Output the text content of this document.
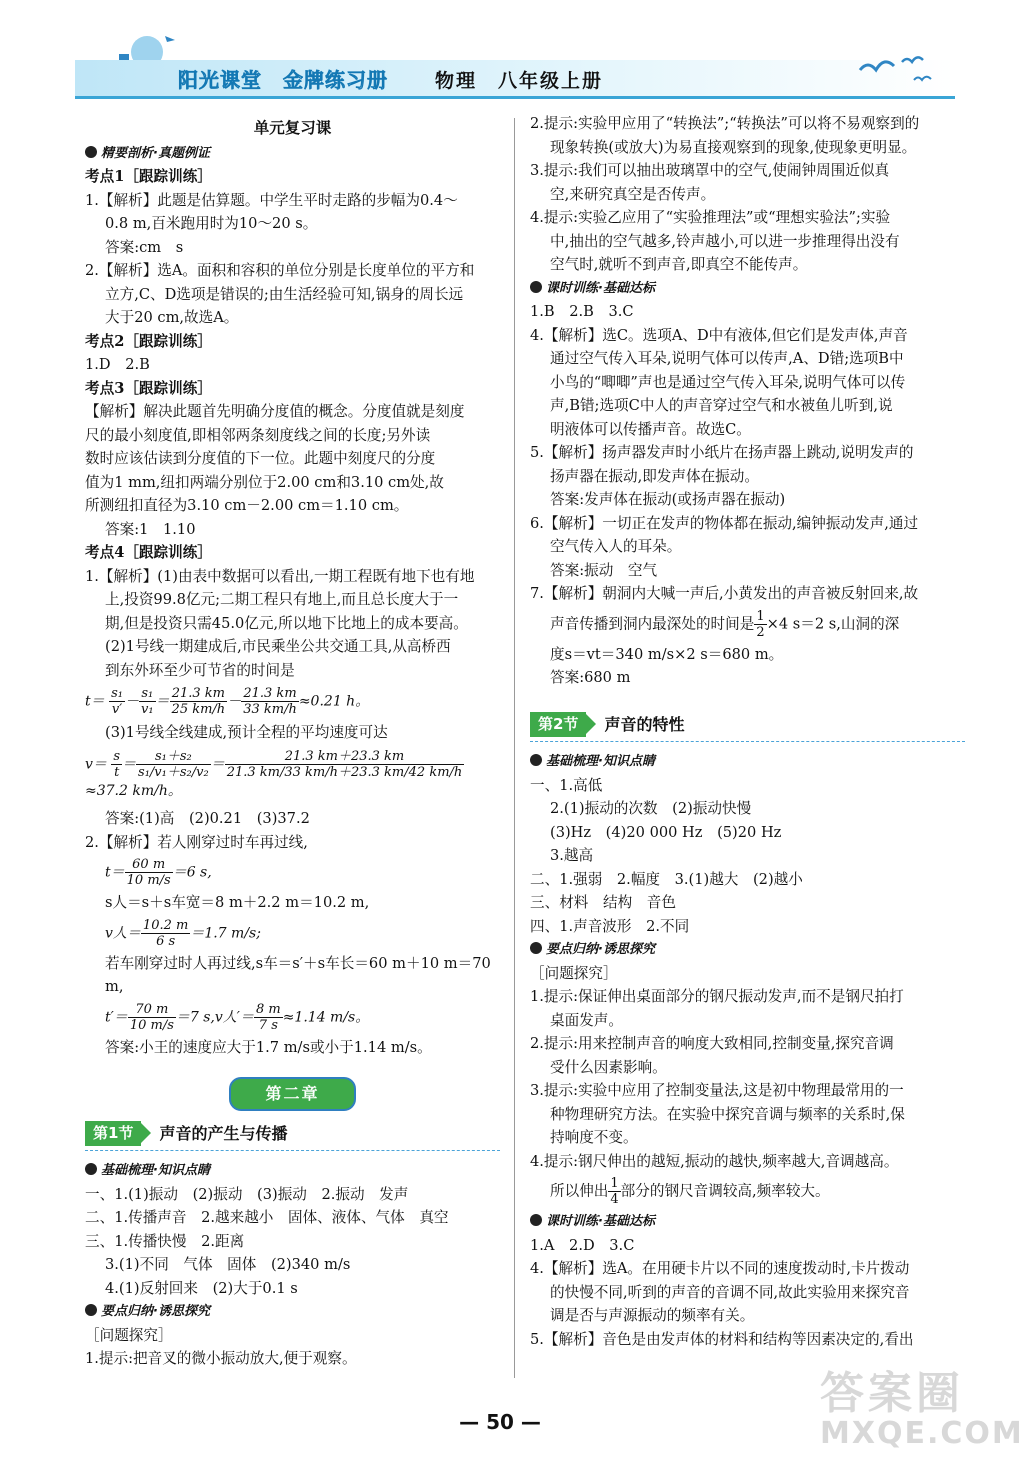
阳光课堂　金牌练习册 物理　八年级上册

单元复习课

精要剖析·真题例证

考点1［跟踪训练］

1.【解析】此题是估算题。中学生平时走路的步幅为0.4～

0.8 m,百米跑用时为10～20 s。

答案:cm　s

2.【解析】选A。面积和容积的单位分别是长度单位的平方和

立方,C、D选项是错误的;由生活经验可知,锅身的周长远

大于20 cm,故选A。

考点2［跟踪训练］

1.D　2.B

考点3［跟踪训练］

【解析】解决此题首先明确分度值的概念。分度值就是刻度

尺的最小刻度值,即相邻两条刻度线之间的长度;另外读

数时应该估读到分度值的下一位。此题中刻度尺的分度

值为1 mm,纽扣两端分别位于2.00 cm和3.10 cm处,故

所测纽扣直径为3.10 cm－2.00 cm＝1.10 cm。

答案:1　1.10

考点4［跟踪训练］

1.【解析】(1)由表中数据可以看出,一期工程既有地下也有地

上,投资99.8亿元;二期工程只有地上,而且总长度大于一

期,但是投资只需45.0亿元,所以地下比地上的成本要高。

(2)1号线一期建成后,市民乘坐公共交通工具,从高桥西

到东外环至少可节省的时间是

$t= \frac{\text{s₁}}{v'} - \frac{\text{s₁}}{\text{v₁}} = \frac{21.3 km}{25 km/h} - \frac{21.3 km}{33 km/h} \approx 0.21$ h。

(3)1号线全线建成,预计全程的平均速度可达

$v= \frac{s}{t} = \frac{\text{s₁＋s₂}}{\text{s₁/v₁＋s₂/v₂}} = \frac{21.3 km+23.3 km}{21.3 km/33 km/h+23.3 km/42 km/h}$
≈37.2 km/h。

答案:(1)高　(2)0.21　(3)37.2

2.【解析】若人刚穿过时车再过线,

$t= \frac{60 m}{10 m/s} =6$ s,

s人＝s＋s车宽＝8 m＋2.2 m＝10.2 m,

v人＝ $\frac{10.2 m}{6 s} =1.7$ m/s;

若车刚穿过时人再过线,s车＝s′＋s车长＝60 m＋10 m＝70 m,

$t'= \frac{70 m}{10 m/s} =7$ s,v人′＝ $\frac{8 m}{7 s} \approx 1.14$ m/s。

答案:小王的速度应大于1.7 m/s或小于1.14 m/s。

第二章
第1节	声音的产生与传播

基础梳理·知识点睛

一、1.(1)振动　(2)振动　(3)振动　2.振动　发声

二、1.传播声音　2.越来越小　固体、液体、气体　真空

三、1.传播快慢　2.距离

3.(1)不同　气体　固体　(2)340 m/s

4.(1)反射回来　(2)大于0.1 s

要点归纳·诱思探究

［问题探究］

1.提示:把音叉的微小振动放大,便于观察。

2.提示:实验甲应用了“转换法”;“转换法”可以将不易观察到的

现象转换(或放大)为易直接观察到的现象,使现象更明显。

3.提示:我们可以抽出玻璃罩中的空气,使闹钟周围近似真

空,来研究真空是否传声。

4.提示:实验乙应用了“实验推理法”或“理想实验法”;实验

中,抽出的空气越多,铃声越小,可以进一步推理得出没有

空气时,就听不到声音,即真空不能传声。

课时训练·基础达标

1.B　2.B　3.C

4.【解析】选C。选项A、D中有液体,但它们是发声体,声音

通过空气传入耳朵,说明气体可以传声,A、D错;选项B中

小鸟的“唧唧”声也是通过空气传入耳朵,说明气体可以传

声,B错;选项C中人的声音穿过空气和水被鱼儿听到,说

明液体可以传播声音。故选C。

5.【解析】扬声器发声时小纸片在扬声器上跳动,说明发声的

扬声器在振动,即发声体在振动。

答案:发声体在振动(或扬声器在振动)

6.【解析】一切正在发声的物体都在振动,编钟振动发声,通过

空气传入人的耳朵。

答案:振动　空气

7.【解析】朝洞内大喊一声后,小黄发出的声音被反射回来,故

声音传播到洞内最深处的时间是 $\frac{1}{2} \times 4$ s＝2 s,山洞的深

度s＝vt＝340 m/s×2 s＝680 m。

答案:680 m

第2节	声音的特性

基础梳理·知识点睛

一、1.高低

2.(1)振动的次数　(2)振动快慢

(3)Hz　(4)20 000 Hz　(5)20 Hz

3.越高

二、1.强弱　2.幅度　3.(1)越大　(2)越小

三、材料　结构　音色

四、1.声音波形　2.不同

要点归纳·诱思探究

［问题探究］

1.提示:保证伸出桌面部分的钢尺振动发声,而不是钢尺拍打

桌面发声。

2.提示:用来控制声音的响度大致相同,控制变量,探究音调

受什么因素影响。

3.提示:实验中应用了控制变量法,这是初中物理最常用的一

种物理研究方法。在实验中探究音调与频率的关系时,保

持响度不变。

4.提示:钢尺伸出的越短,振动的越快,频率越大,音调越高。

所以伸出 $\frac{1}{4}$ 部分的钢尺音调较高,频率较大。

课时训练·基础达标

1.A　2.D　3.C

4.【解析】选A。在用硬卡片以不同的速度拨动时,卡片拨动

的快慢不同,听到的声音的音调不同,故此实验用来探究音

调是否与声源振动的频率有关。

5.【解析】音色是由发声体的材料和结构等因素决定的,看出

答案圈
MXQE.COM
— 50 —
